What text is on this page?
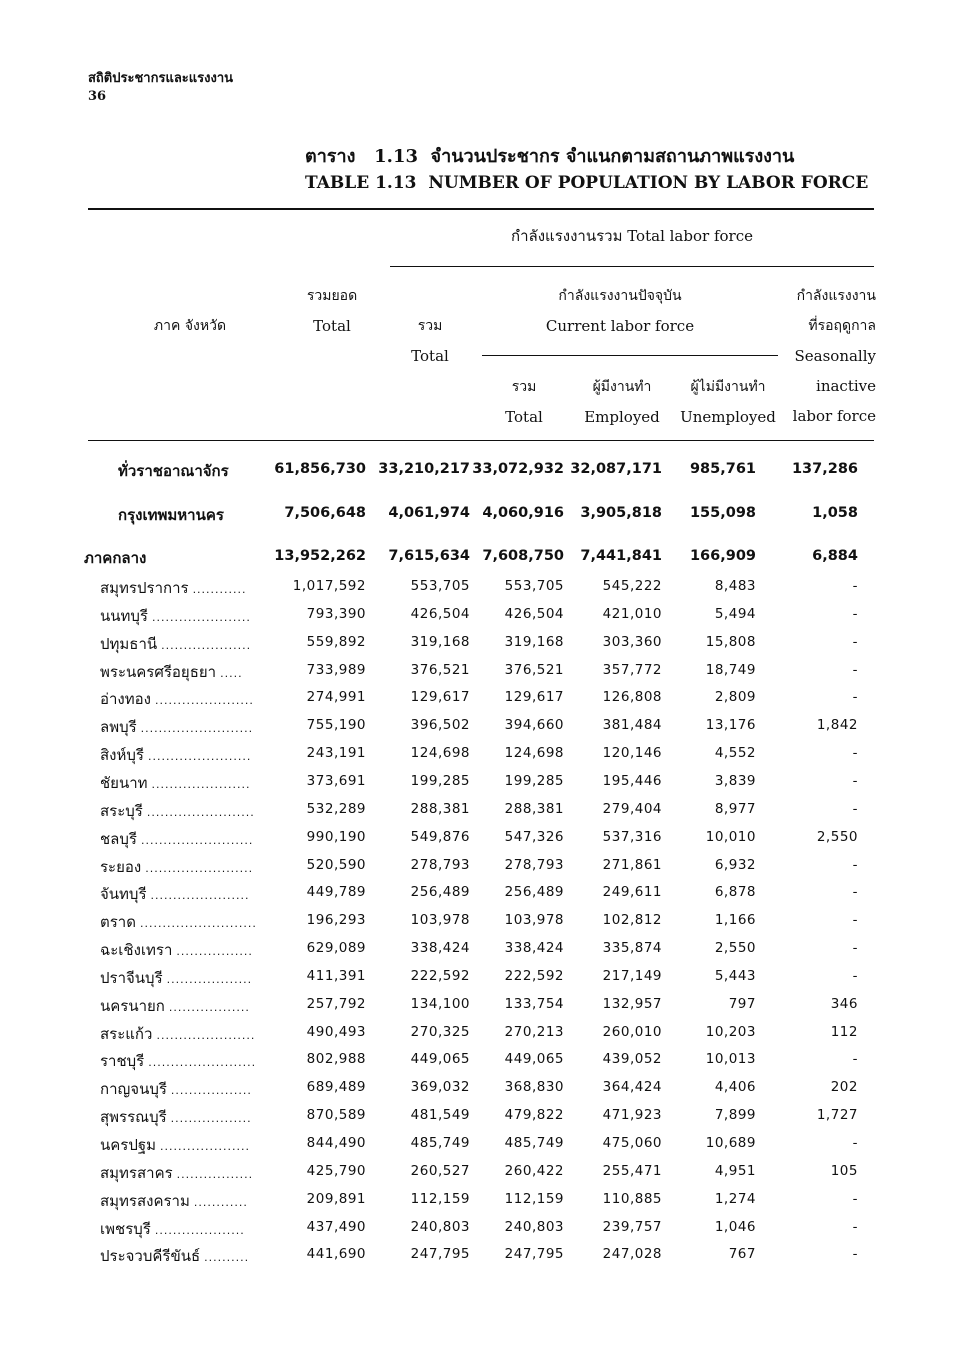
สถิติประชากรและแรงงาน
36
ตาราง   1.13  จำนวนประชากร จำแนกตามสถานภาพแรงงาน
TABLE 1.13  NUMBER OF POPULATION BY LABOR FORCE
กำลังแรงงานรวม Total labor force
ภาค จังหวัด
รวมยอด
Total	รวม
Total
กำลังแรงงานปัจจุบัน
Current labor force
รวม
Total
ผู้มีงานทำ
Employed
ผู้ไม่มีงานทำ
Unemployed
กำลังแรงงาน
ที่รอฤดูกาล
Seasonally
inactive
labor force
ทั่วราชอาณาจักร	61,856,730 33,210,217 33,072,932 32,087,171 985,761 137,286
กรุงเทพมหานคร	7,506,648 4,061,974 4,060,916 3,905,818 155,098	1,058
ภาคกลาง	13,952,262 7,615,634 7,608,750 7,441,841 166,909	6,884
สมุทรปราการ ............	1,017,592	553,705	553,705	545,222	8,483	-
นนทบุรี ......................	793,390	426,504	426,504	421,010	5,494	-
ปทุมธานี ....................	559,892	319,168	319,168	303,360	15,808	-
พระนครศรีอยุธยา .....	733,989	376,521	376,521	357,772	18,749	-
อ่างทอง ......................	274,991	129,617	129,617	126,808	2,809	-
ลพบุรี .........................	755,190	396,502	394,660	381,484	13,176	1,842
สิงห์บุรี .......................	243,191	124,698	124,698	120,146	4,552	-
ชัยนาท ......................	373,691	199,285	199,285	195,446	3,839	-
สระบุรี ........................	532,289	288,381	288,381	279,404	8,977	-
ชลบุรี .........................	990,190	549,876	547,326	537,316	10,010	2,550
ระยอง ........................	520,590	278,793	278,793	271,861	6,932	-
จันทบุรี ......................	449,789	256,489	256,489	249,611	6,878	-
ตราด ..........................	196,293	103,978	103,978	102,812	1,166	-
ฉะเชิงเทรา .................	629,089	338,424	338,424	335,874	2,550	-
ปราจีนบุรี ...................	411,391	222,592	222,592	217,149	5,443	-
นครนายก ..................	257,792	134,100	133,754	132,957	797	346
สระแก้ว ......................	490,493	270,325	270,213	260,010	10,203	112
ราชบุรี ........................	802,988	449,065	449,065	439,052	10,013	-
กาญจนบุรี ..................	689,489	369,032	368,830	364,424	4,406	202
สุพรรณบุรี ..................	870,589	481,549	479,822	471,923	7,899	1,727
นครปฐม ....................	844,490	485,749	485,749	475,060	10,689	-
สมุทรสาคร .................	425,790	260,527	260,422	255,471	4,951	105
สมุทรสงคราม ............	209,891	112,159	112,159	110,885	1,274	-
เพชรบุรี ....................	437,490	240,803	240,803	239,757	1,046	-
ประจวบคีรีขันธ์ ..........	441,690	247,795	247,795	247,028	767	-
